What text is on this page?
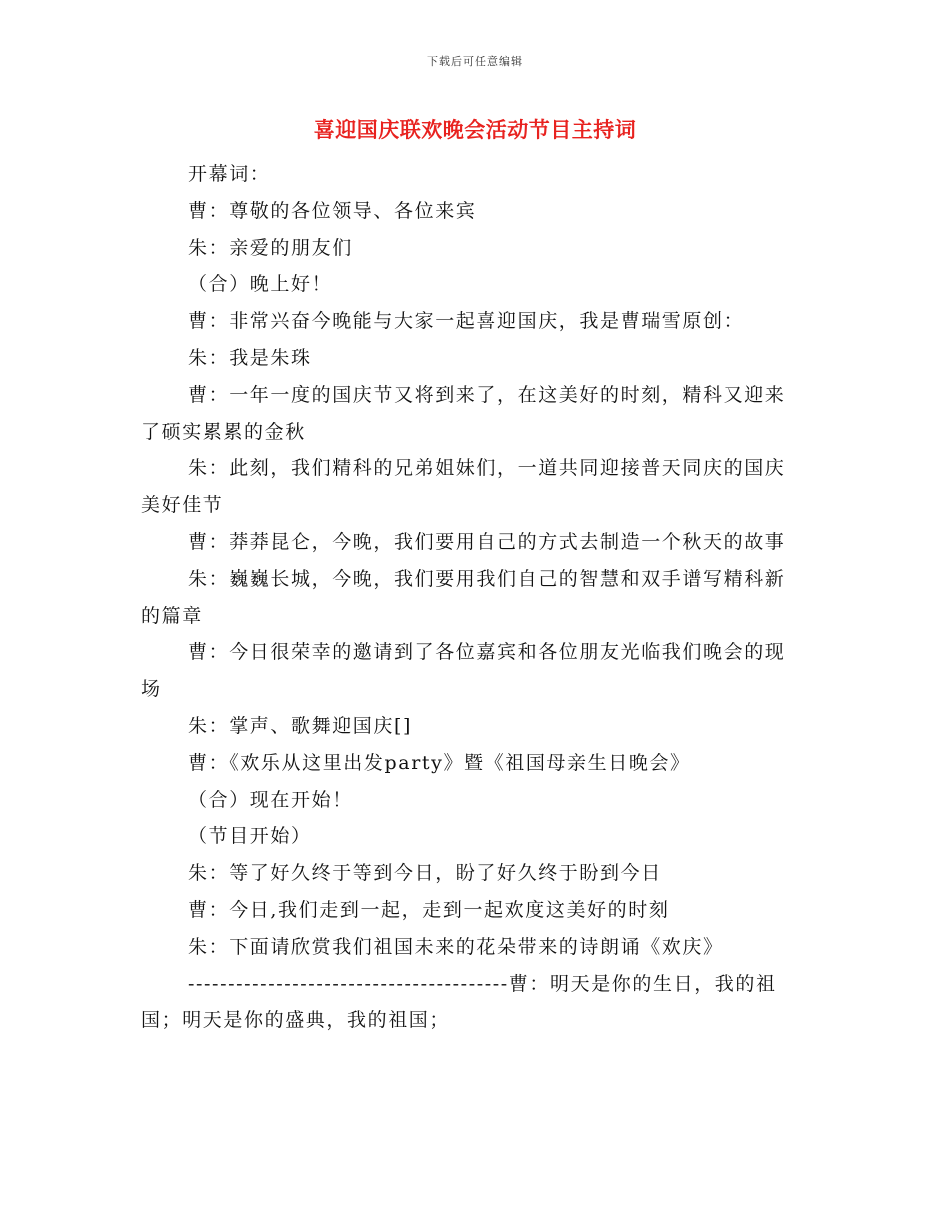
下载后可任意编辑
喜迎国庆联欢晚会活动节目主持词

开幕词：

曹：尊敬的各位领导、各位来宾

朱：亲爱的朋友们

（合）晚上好！

曹：非常兴奋今晚能与大家一起喜迎国庆，我是曹瑞雪原创：

朱：我是朱珠

曹：一年一度的国庆节又将到来了，在这美好的时刻，精科又迎来了硕实累累的金秋

朱：此刻，我们精科的兄弟姐妹们，一道共同迎接普天同庆的国庆美好佳节

曹：莽莽昆仑，今晚，我们要用自己的方式去制造一个秋天的故事

朱：巍巍长城，今晚，我们要用我们自己的智慧和双手谱写精科新的篇章

曹：今日很荣幸的邀请到了各位嘉宾和各位朋友光临我们晚会的现场

朱：掌声、歌舞迎国庆[]

曹：《欢乐从这里出发party》暨《祖国母亲生日晚会》

（合）现在开始！

（节目开始）

朱：等了好久终于等到今日，盼了好久终于盼到今日

曹：今日,我们走到一起，走到一起欢度这美好的时刻

朱：下面请欣赏我们祖国未来的花朵带来的诗朗诵《欢庆》

----------------------------------------曹：明天是你的生日，我的祖国；明天是你的盛典，我的祖国；
